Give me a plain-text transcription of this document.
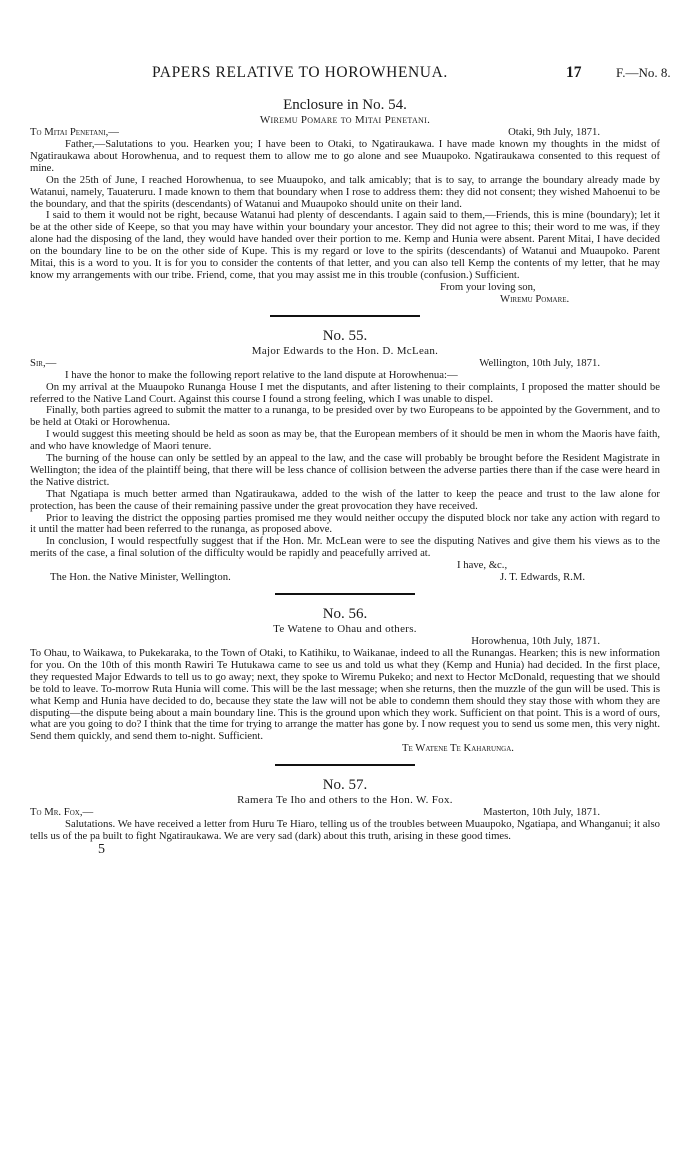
PAPERS RELATIVE TO HOROWHENUA.	17	F.—No. 8.
Enclosure in No. 54.
Wiremu Pomare to Mitai Penetani.
To Mitai Penetani,—	Otaki, 9th July, 1871.

Father,—Salutations to you. Hearken you; I have been to Otaki, to Ngatiraukawa. I have made known my thoughts in the midst of Ngatiraukawa about Horowhenua, and to request them to allow me to go alone and see Muaupoko. Ngatiraukawa consented to this request of mine.

On the 25th of June, I reached Horowhenua, to see Muaupoko, and talk amicably; that is to say, to arrange the boundary already made by Watanui, namely, Tauateruru. I made known to them that boundary when I rose to address them: they did not consent; they wished Mahoenui to be the boundary, and that the spirits (descendants) of Watanui and Muaupoko should unite on their land.

I said to them it would not be right, because Watanui had plenty of descendants. I again said to them,—Friends, this is mine (boundary); let it be at the other side of Keepe, so that you may have within your boundary your ancestor. They did not agree to this; their word to me was, if they alone had the disposing of the land, they would have handed over their portion to me. Kemp and Hunia were absent. Parent Mitai, I have decided on the boundary line to be on the other side of Kupe. This is my regard or love to the spirits (descendants) of Watanui and Muaupoko. Parent Mitai, this is a word to you. It is for you to consider the contents of that letter, and you can also tell Kemp the contents of my letter, that he may know my arrangements with our tribe. Friend, come, that you may assist me in this trouble (confusion.) Sufficient.

From your loving son,
Wiremu Pomare.
No. 55.
Major Edwards to the Hon. D. McLean.
Sir,—	Wellington, 10th July, 1871.

I have the honor to make the following report relative to the land dispute at Horowhenua:—

On my arrival at the Muaupoko Runanga House I met the disputants, and after listening to their complaints, I proposed the matter should be referred to the Native Land Court. Against this course I found a strong feeling, which I was unable to dispel.

Finally, both parties agreed to submit the matter to a runanga, to be presided over by two Europeans to be appointed by the Government, and to be held at Otaki or Horowhenua.

I would suggest this meeting should be held as soon as may be, that the European members of it should be men in whom the Maoris have faith, and who have knowledge of Maori tenure.

The burning of the house can only be settled by an appeal to the law, and the case will probably be brought before the Resident Magistrate in Wellington; the idea of the plaintiff being, that there will be less chance of collision between the adverse parties there than if the case were heard in the Native district.

That Ngatiapa is much better armed than Ngatiraukawa, added to the wish of the latter to keep the peace and trust to the law alone for protection, has been the cause of their remaining passive under the great provocation they have received.

Prior to leaving the district the opposing parties promised me they would neither occupy the disputed block nor take any action with regard to it until the matter had been referred to the runanga, as proposed above.

In conclusion, I would respectfully suggest that if the Hon. Mr. McLean were to see the disputing Natives and give them his views as to the merits of the case, a final solution of the difficulty would be rapidly and peacefully arrived at.

I have, &c.,
The Hon. the Native Minister, Wellington.	J. T. Edwards, R.M.
No. 56.
Te Watene to Ohau and others.
Horowhenua, 10th July, 1871.

To Ohau, to Waikawa, to Pukekaraka, to the Town of Otaki, to Katihiku, to Waikanae, indeed to all the Runangas. Hearken; this is new information for you. On the 10th of this month Rawiri Te Hutukawa came to see us and told us what they (Kemp and Hunia) had decided. In the first place, they requested Major Edwards to tell us to go away; next, they spoke to Wiremu Pukeko; and next to Hector McDonald, requesting that we should be told to leave. To-morrow Ruta Hunia will come. This will be the last message; when she returns, then the muzzle of the gun will be used. This is what Kemp and Hunia have decided to do, because they state the law will not be able to condemn them should they stay those with whom they are disputing—the dispute being about a main boundary line. This is the ground upon which they work. Sufficient on that point. This is a word of ours, what are you going to do? I think that the time for trying to arrange the matter has gone by. I now request you to send us some men, this very night. Send them quickly, and send them to-night. Sufficient.

Te Watene Te Kaharunga.
No. 57.
Ramera Te Iho and others to the Hon. W. Fox.
To Mr. Fox,—	Masterton, 10th July, 1871.

Salutations. We have received a letter from Huru Te Hiaro, telling us of the troubles between Muaupoko, Ngatiapa, and Whanganui; it also tells us of the pa built to fight Ngatiraukawa. We are very sad (dark) about this truth, arising in these good times.

5
